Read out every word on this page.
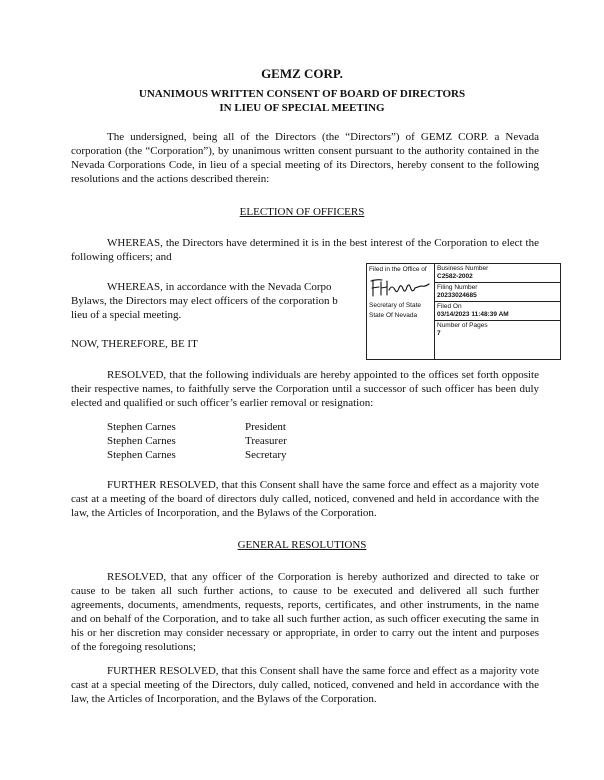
GEMZ CORP.

UNANIMOUS WRITTEN CONSENT OF BOARD OF DIRECTORS

IN LIEU OF SPECIAL MEETING

The undersigned, being all of the Directors (the “Directors”) of GEMZ CORP. a Nevada corporation (the “Corporation”), by unanimous written consent pursuant to the authority contained in the Nevada Corporations Code, in lieu of a special meeting of its Directors, hereby consent to the following resolutions and the actions described therein:

ELECTION OF OFFICERS

WHEREAS, the Directors have determined it is in the best interest of the Corporation to elect the following officers; and

WHEREAS, in accordance with the Nevada Corpo

Bylaws, the Directors may elect officers of the corporation b

lieu of a special meeting.

NOW, THEREFORE, BE IT

RESOLVED, that the following individuals are hereby appointed to the offices set forth opposite their respective names, to faithfully serve the Corporation until a successor of such officer has been duly elected and qualified or such officer’s earlier removal or resignation:

Stephen Carnes	President
Stephen Carnes	Treasurer
Stephen Carnes	Secretary

FURTHER RESOLVED, that this Consent shall have the same force and effect as a majority vote cast at a meeting of the board of directors duly called, noticed, convened and held in accordance with the law, the Articles of Incorporation, and the Bylaws of the Corporation.

GENERAL RESOLUTIONS

RESOLVED, that any officer of the Corporation is hereby authorized and directed to take or cause to be taken all such further actions, to cause to be executed and delivered all such further agreements, documents, amendments, requests, reports, certificates, and other instruments, in the name and on behalf of the Corporation, and to take all such further action, as such officer executing the same in his or her discretion may consider necessary or appropriate, in order to carry out the intent and purposes of the foregoing resolutions;

FURTHER RESOLVED, that this Consent shall have the same force and effect as a majority vote cast at a special meeting of the Directors, duly called, noticed, convened and held in accordance with the law, the Articles of Incorporation, and the Bylaws of the Corporation.

Filed in the Office of
Secretary of State
State Of Nevada
Business Number
C2582-2002
Filing Number
20233024685
Filed On
03/14/2023 11:48:39 AM
Number of Pages
7
